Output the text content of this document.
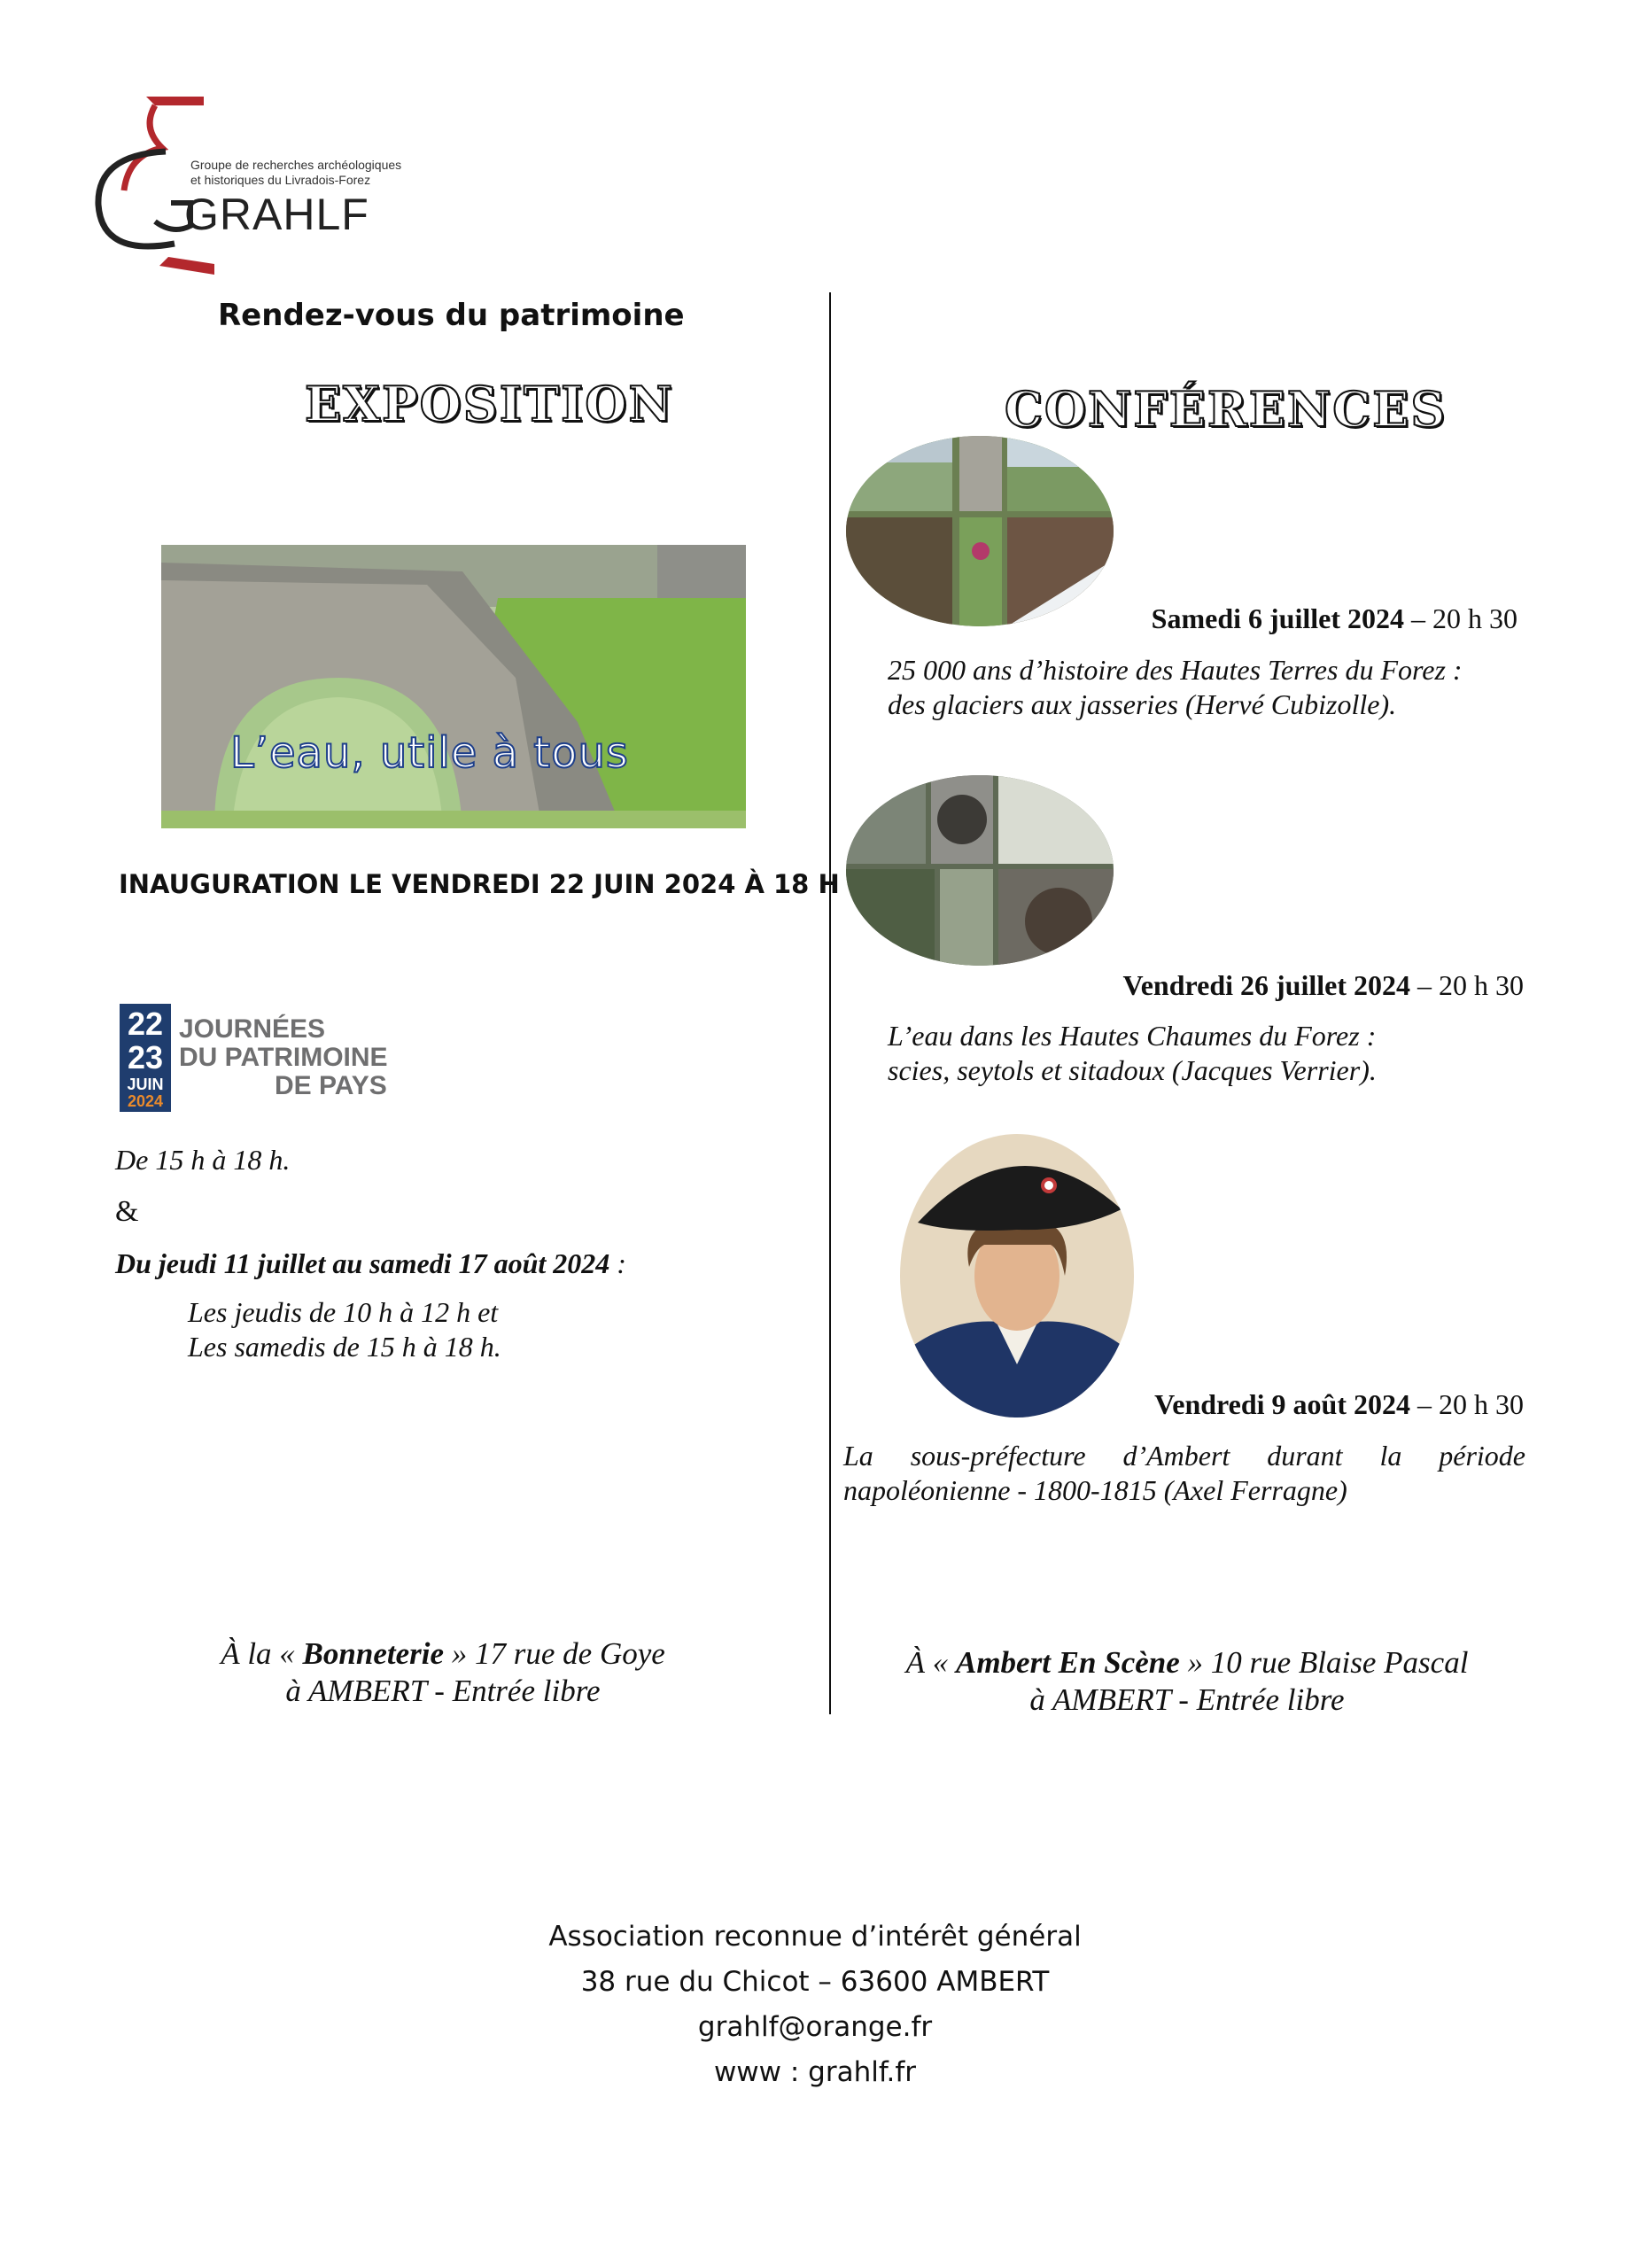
Groupe de recherches archéologiques
et historiques du Livradois-Forez
GRAHLF
Rendez-vous du patrimoine
EXPOSITION	CONFÉRENCES
L’eau, utile à tous
INAUGURATION LE VENDREDI 22 JUIN 2024 À 18 H
22
23
JUIN
2024
JOURNÉES
DU PATRIMOINE
DE PAYS
De 15 h à 18 h.
&
Du jeudi 11 juillet au samedi 17 août 2024 :
Les jeudis de 10 h à 12 h et
Les samedis de 15 h à 18 h.
À la « Bonneterie » 17 rue de Goye
à AMBERT - Entrée libre
Samedi 6 juillet 2024 – 20 h 30
25 000 ans d’histoire des Hautes Terres du Forez :
des glaciers aux jasseries (Hervé Cubizolle).
Vendredi 26 juillet 2024 – 20 h 30
L’eau dans les Hautes Chaumes du Forez :
scies, seytols et sitadoux (Jacques Verrier).
Vendredi 9 août 2024 – 20 h 30
La sous-préfecture d’Ambert durant la période napoléonienne - 1800-1815 (Axel Ferragne)
À « Ambert En Scène » 10 rue Blaise Pascal
à AMBERT - Entrée libre
Association reconnue d’intérêt général
38 rue du Chicot – 63600 AMBERT
grahlf@orange.fr
www : grahlf.fr
